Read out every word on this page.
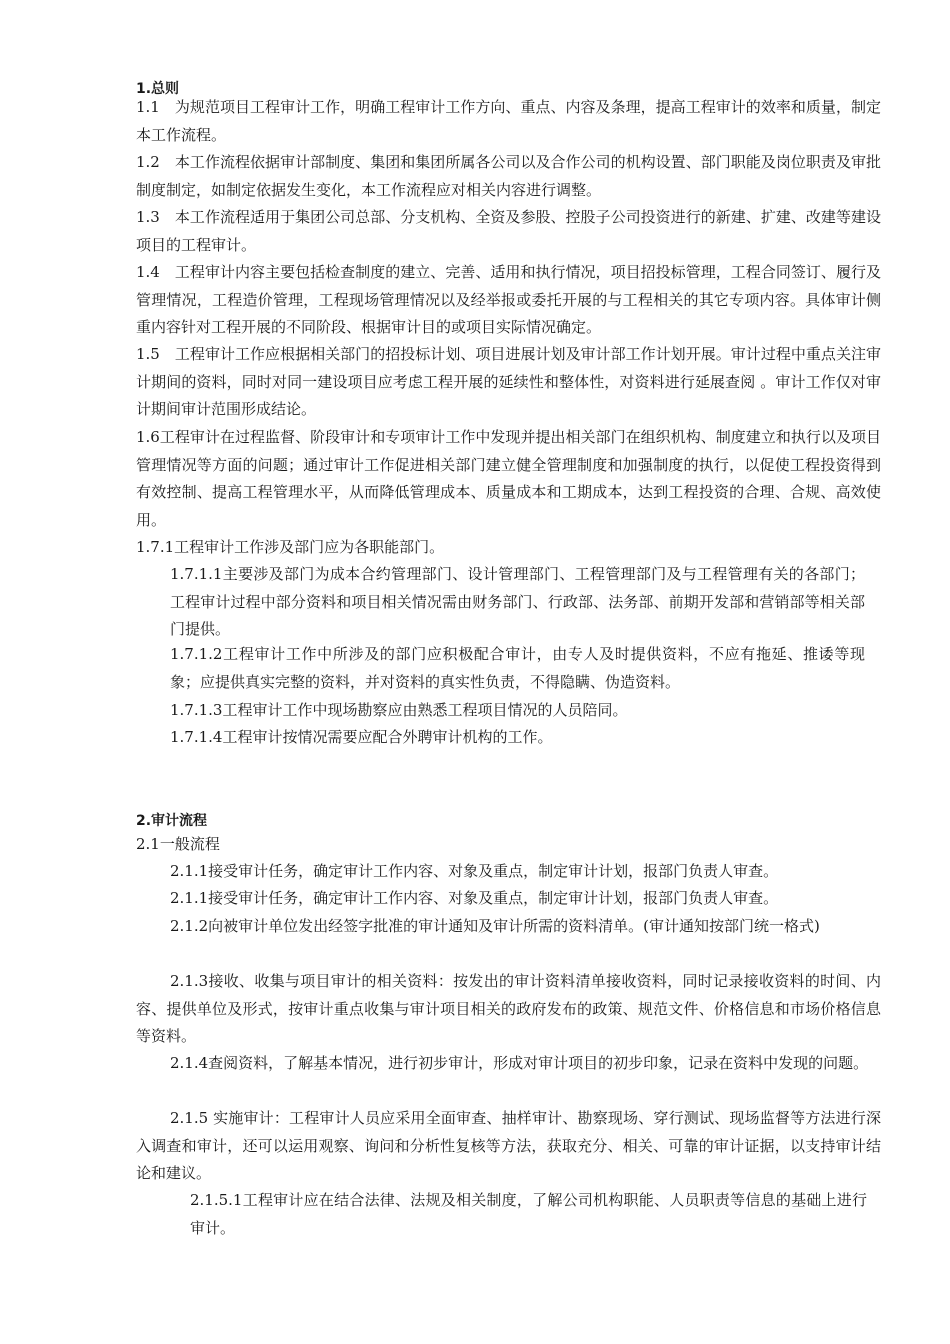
1.总则

1.1　为规范项目工程审计工作，明确工程审计工作方向、重点、内容及条理，提高工程审计的效率和质量，制定本工作流程。

1.2　本工作流程依据审计部制度、集团和集团所属各公司以及合作公司的机构设置、部门职能及岗位职责及审批制度制定，如制定依据发生变化，本工作流程应对相关内容进行调整。

1.3　本工作流程适用于集团公司总部、分支机构、全资及参股、控股子公司投资进行的新建、扩建、改建等建设项目的工程审计。

1.4　工程审计内容主要包括检查制度的建立、完善、适用和执行情况，项目招投标管理，工程合同签订、履行及管理情况，工程造价管理，工程现场管理情况以及经举报或委托开展的与工程相关的其它专项内容。具体审计侧重内容针对工程开展的不同阶段、根据审计目的或项目实际情况确定。

1.5　工程审计工作应根据相关部门的招投标计划、项目进展计划及审计部工作计划开展。审计过程中重点关注审计期间的资料，同时对同一建设项目应考虑工程开展的延续性和整体性，对资料进行延展查阅 。审计工作仅对审计期间审计范围形成结论。

1.6工程审计在过程监督、阶段审计和专项审计工作中发现并提出相关部门在组织机构、制度建立和执行以及项目管理情况等方面的问题；通过审计工作促进相关部门建立健全管理制度和加强制度的执行，以促使工程投资得到有效控制、提高工程管理水平，从而降低管理成本、质量成本和工期成本，达到工程投资的合理、合规、高效使用。

1.7.1工程审计工作涉及部门应为各职能部门。

1.7.1.1主要涉及部门为成本合约管理部门、设计管理部门、工程管理部门及与工程管理有关的各部门；工程审计过程中部分资料和项目相关情况需由财务部门、行政部、法务部、前期开发部和营销部等相关部门提供。

1.7.1.2工程审计工作中所涉及的部门应积极配合审计，由专人及时提供资料，不应有拖延、推诿等现象；应提供真实完整的资料，并对资料的真实性负责，不得隐瞒、伪造资料。

1.7.1.3工程审计工作中现场勘察应由熟悉工程项目情况的人员陪同。

1.7.1.4工程审计按情况需要应配合外聘审计机构的工作。

2.审计流程

2.1一般流程

2.1.1接受审计任务，确定审计工作内容、对象及重点，制定审计计划，报部门负责人审查。

2.1.1接受审计任务，确定审计工作内容、对象及重点，制定审计计划，报部门负责人审查。

2.1.2向被审计单位发出经签字批准的审计通知及审计所需的资料清单。(审计通知按部门统一格式)

2.1.3接收、收集与项目审计的相关资料：按发出的审计资料清单接收资料，同时记录接收资料的时间、内容、提供单位及形式，按审计重点收集与审计项目相关的政府发布的政策、规范文件、价格信息和市场价格信息等资料。

2.1.4查阅资料，了解基本情况，进行初步审计，形成对审计项目的初步印象，记录在资料中发现的问题。

2.1.5 实施审计：工程审计人员应采用全面审查、抽样审计、勘察现场、穿行测试、现场监督等方法进行深入调查和审计，还可以运用观察、询问和分析性复核等方法，获取充分、相关、可靠的审计证据，以支持审计结论和建议。

2.1.5.1工程审计应在结合法律、法规及相关制度，了解公司机构职能、人员职责等信息的基础上进行审计。
